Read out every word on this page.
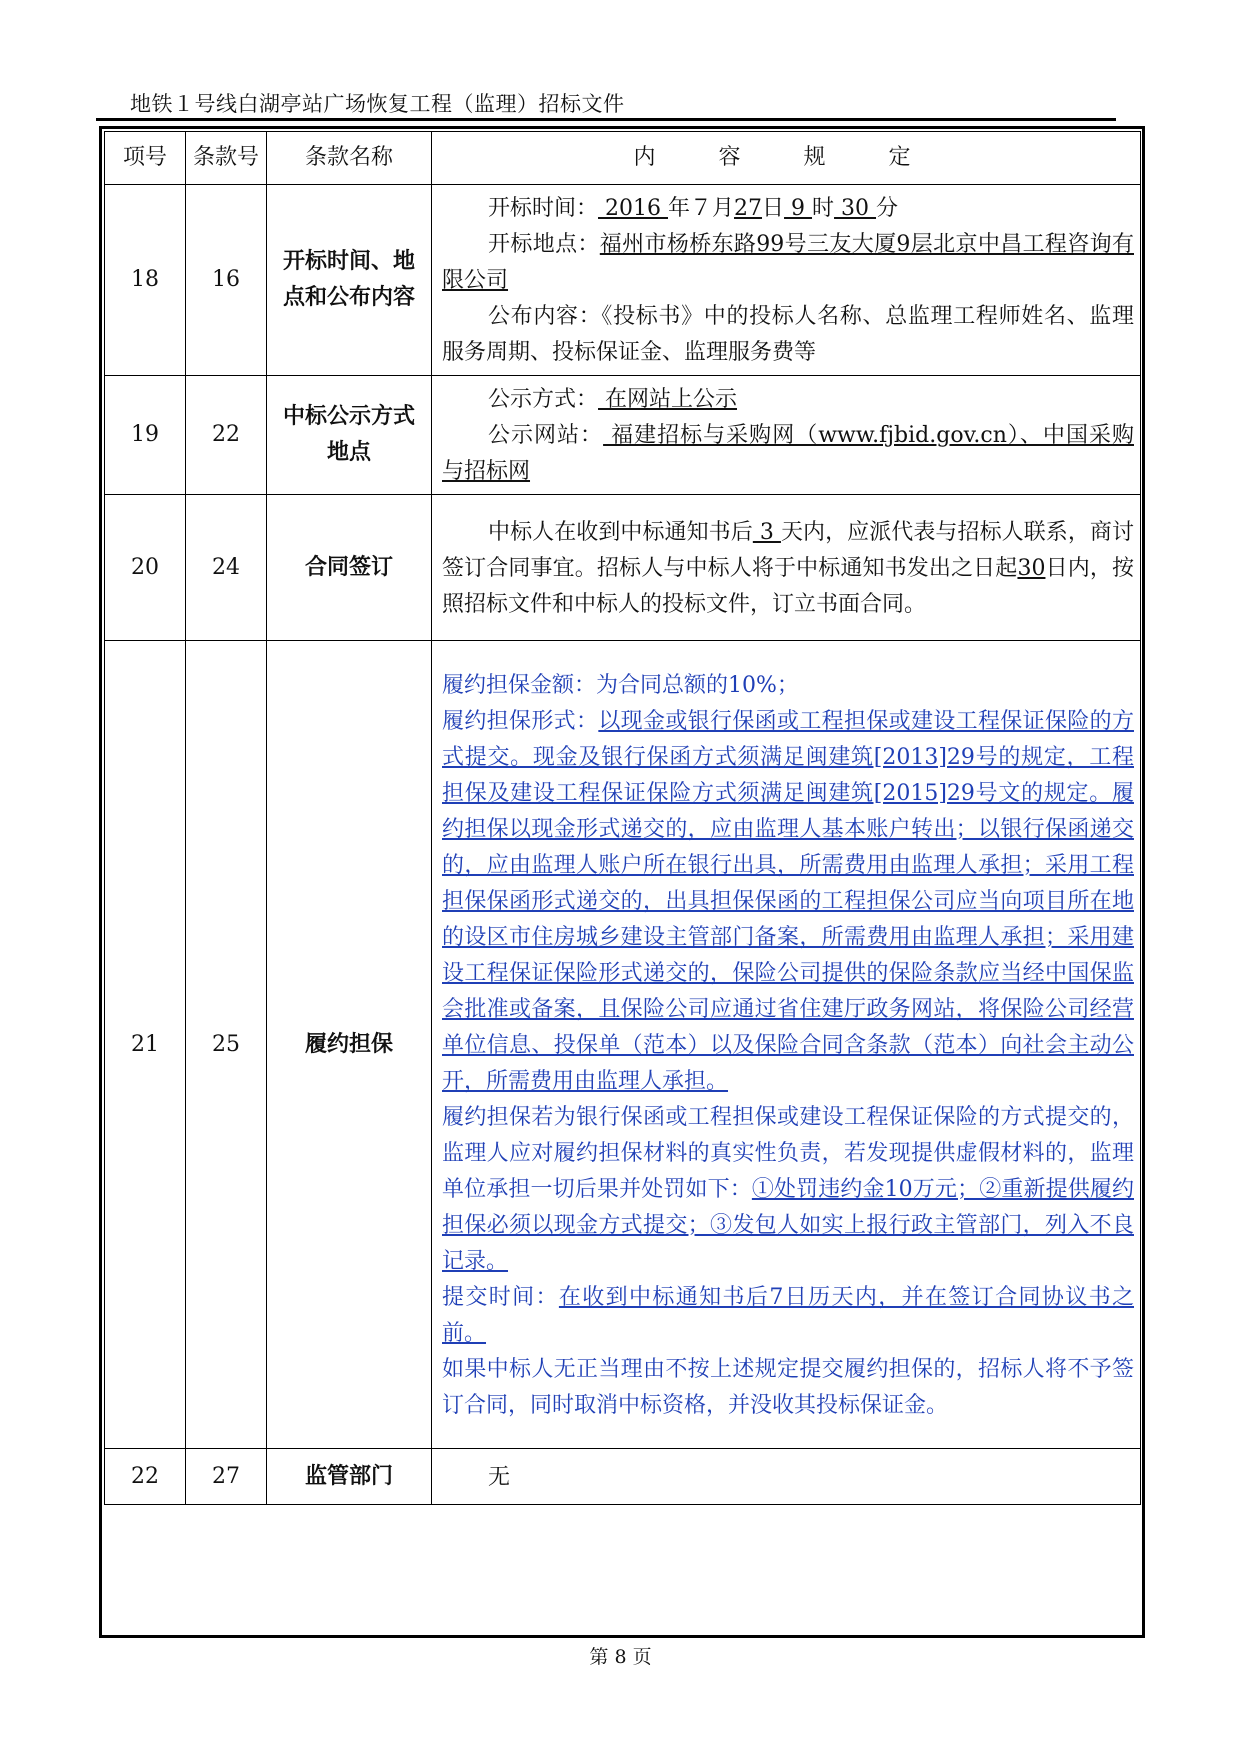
地铁１号线白湖亭站广场恢复工程（监理）招标文件
项号	条款号	条款名称	内 容 规 定
18	16	开标时间、地点和公布内容	开标时间： 2016 年７月27日 9 时 30 分

开标地点：福州市杨桥东路99号三友大厦9层北京中昌工程咨询有限公司

公布内容：《投标书》中的投标人名称、总监理工程师姓名、监理服务周期、投标保证金、监理服务费等

19	22	中标公示方式地点	公示方式： 在网站上公示

公示网站： 福建招标与采购网（www.fjbid.gov.cn）、中国采购与招标网

20	24	合同签订	中标人在收到中标通知书后 3 天内，应派代表与招标人联系，商讨签订合同事宜。招标人与中标人将于中标通知书发出之日起30日内，按照招标文件和中标人的投标文件，订立书面合同。

21	25	履约担保	履约担保金额：为合同总额的10%；

履约担保形式：以现金或银行保函或工程担保或建设工程保证保险的方式提交。现金及银行保函方式须满足闽建筑[2013]29号的规定，工程担保及建设工程保证保险方式须满足闽建筑[2015]29号文的规定。履约担保以现金形式递交的，应由监理人基本账户转出；以银行保函递交的，应由监理人账户所在银行出具，所需费用由监理人承担；采用工程担保保函形式递交的，出具担保保函的工程担保公司应当向项目所在地的设区市住房城乡建设主管部门备案，所需费用由监理人承担；采用建设工程保证保险形式递交的，保险公司提供的保险条款应当经中国保监会批准或备案，且保险公司应通过省住建厅政务网站，将保险公司经营单位信息、投保单（范本）以及保险合同含条款（范本）向社会主动公开，所需费用由监理人承担。

履约担保若为银行保函或工程担保或建设工程保证保险的方式提交的，监理人应对履约担保材料的真实性负责，若发现提供虚假材料的，监理单位承担一切后果并处罚如下：①处罚违约金10万元；②重新提供履约担保必须以现金方式提交；③发包人如实上报行政主管部门，列入不良记录。

提交时间：在收到中标通知书后7日历天内，并在签订合同协议书之前。

如果中标人无正当理由不按上述规定提交履约担保的，招标人将不予签订合同，同时取消中标资格，并没收其投标保证金。

22	27	监管部门	无

第 8 页
